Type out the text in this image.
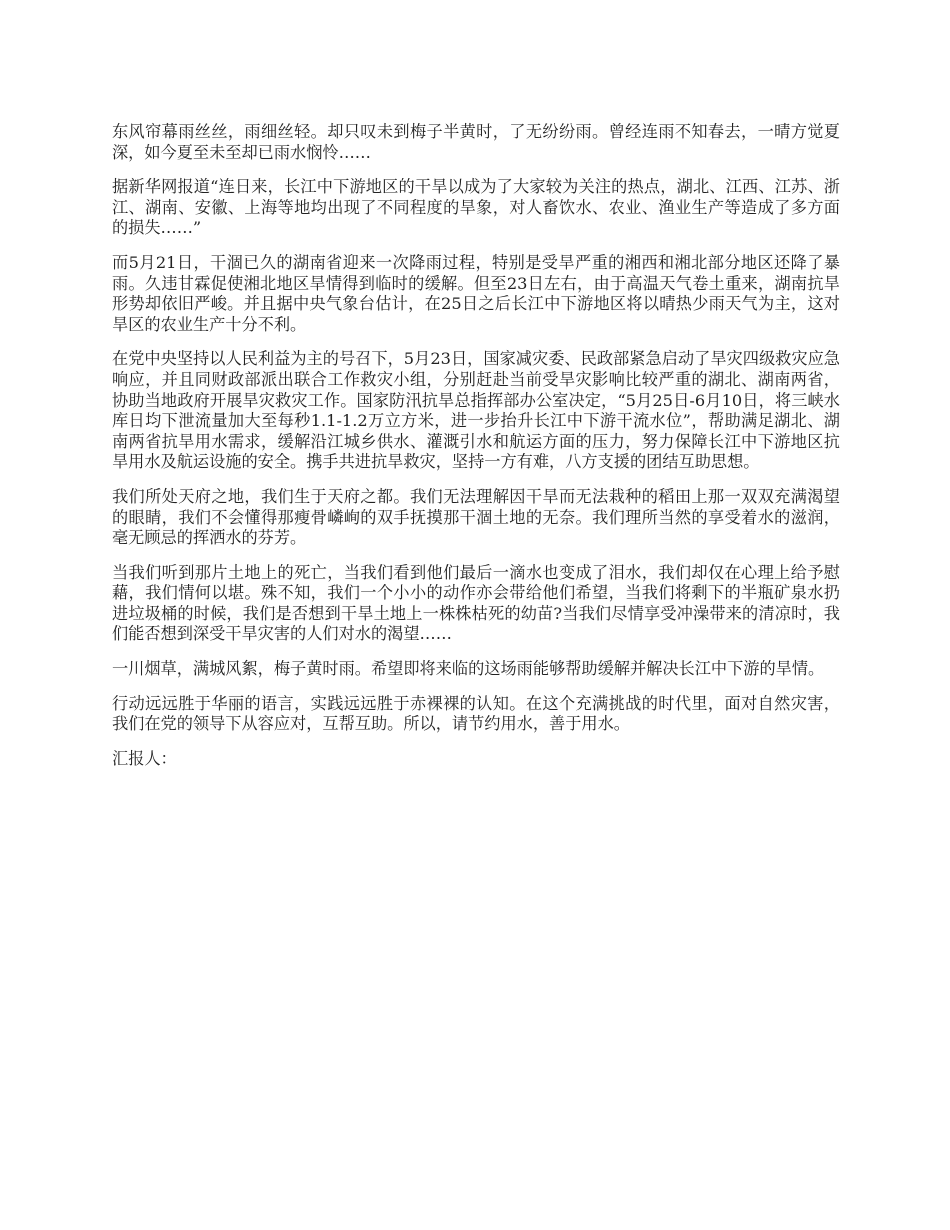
东风帘幕雨丝丝，雨细丝轻。却只叹未到梅子半黄时，了无纷纷雨。曾经连雨不知春去，一晴方觉夏深，如今夏至未至却已雨水悯怜……

据新华网报道“连日来，长江中下游地区的干旱以成为了大家较为关注的热点，湖北、江西、江苏、浙江、湖南、安徽、上海等地均出现了不同程度的旱象，对人畜饮水、农业、渔业生产等造成了多方面的损失……”

而5月21日，干涸已久的湖南省迎来一次降雨过程，特别是受旱严重的湘西和湘北部分地区还降了暴雨。久违甘霖促使湘北地区旱情得到临时的缓解。但至23日左右，由于高温天气卷土重来，湖南抗旱形势却依旧严峻。并且据中央气象台估计，在25日之后长江中下游地区将以晴热少雨天气为主，这对旱区的农业生产十分不利。

在党中央坚持以人民利益为主的号召下，5月23日，国家减灾委、民政部紧急启动了旱灾四级救灾应急响应，并且同财政部派出联合工作救灾小组，分别赶赴当前受旱灾影响比较严重的湖北、湖南两省，协助当地政府开展旱灾救灾工作。国家防汛抗旱总指挥部办公室决定，“5月25日-6月10日，将三峡水库日均下泄流量加大至每秒1.1-1.2万立方米，进一步抬升长江中下游干流水位”，帮助满足湖北、湖南两省抗旱用水需求，缓解沿江城乡供水、灌溉引水和航运方面的压力，努力保障长江中下游地区抗旱用水及航运设施的安全。携手共进抗旱救灾，坚持一方有难，八方支援的团结互助思想。

我们所处天府之地，我们生于天府之都。我们无法理解因干旱而无法栽种的稻田上那一双双充满渴望的眼睛，我们不会懂得那瘦骨嶙峋的双手抚摸那干涸土地的无奈。我们理所当然的享受着水的滋润，毫无顾忌的挥洒水的芬芳。

当我们听到那片土地上的死亡，当我们看到他们最后一滴水也变成了泪水，我们却仅在心理上给予慰藉，我们情何以堪。殊不知，我们一个小小的动作亦会带给他们希望，当我们将剩下的半瓶矿泉水扔进垃圾桶的时候，我们是否想到干旱土地上一株株枯死的幼苗?当我们尽情享受冲澡带来的清凉时，我们能否想到深受干旱灾害的人们对水的渴望……

一川烟草，满城风絮，梅子黄时雨。希望即将来临的这场雨能够帮助缓解并解决长江中下游的旱情。

行动远远胜于华丽的语言，实践远远胜于赤裸裸的认知。在这个充满挑战的时代里，面对自然灾害，我们在党的领导下从容应对，互帮互助。所以，请节约用水，善于用水。

汇报人：
